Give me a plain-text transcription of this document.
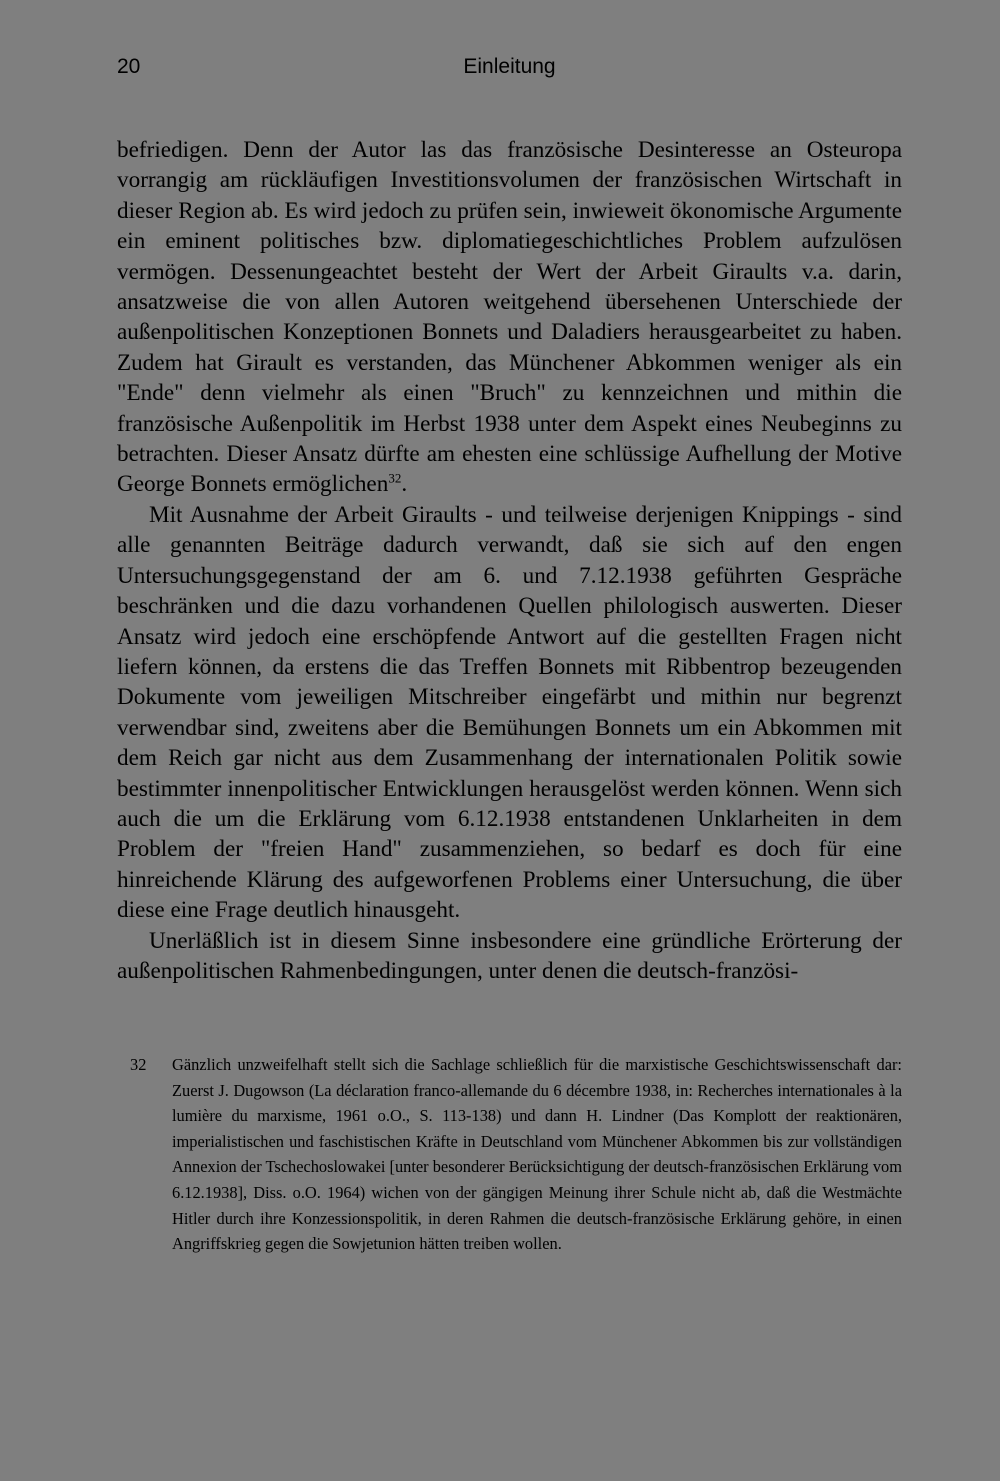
20	Einleitung

befriedigen. Denn der Autor las das französische Desinteresse an Osteuropa vorrangig am rückläufigen Investitionsvolumen der französischen Wirtschaft in dieser Region ab. Es wird jedoch zu prüfen sein, inwieweit ökonomische Argumente ein eminent politisches bzw. diplomatiegeschichtliches Problem aufzulösen vermögen. Dessenungeachtet besteht der Wert der Arbeit Giraults v.a. darin, ansatzweise die von allen Autoren weitgehend übersehenen Unterschiede der außenpolitischen Konzeptionen Bonnets und Daladiers herausgearbeitet zu haben. Zudem hat Girault es verstanden, das Münchener Abkommen weniger als ein "Ende" denn vielmehr als einen "Bruch" zu kennzeichnen und mithin die französische Außenpolitik im Herbst 1938 unter dem Aspekt eines Neubeginns zu betrachten. Dieser Ansatz dürfte am ehesten eine schlüssige Aufhellung der Motive George Bonnets ermöglichen$^{32}$.

Mit Ausnahme der Arbeit Giraults - und teilweise derjenigen Knippings - sind alle genannten Beiträge dadurch verwandt, daß sie sich auf den engen Untersuchungsgegenstand der am 6. und 7.12.1938 geführten Gespräche beschränken und die dazu vorhandenen Quellen philologisch auswerten. Dieser Ansatz wird jedoch eine erschöpfende Antwort auf die gestellten Fragen nicht liefern können, da erstens die das Treffen Bonnets mit Ribbentrop bezeugenden Dokumente vom jeweiligen Mitschreiber eingefärbt und mithin nur begrenzt verwendbar sind, zweitens aber die Bemühungen Bonnets um ein Abkommen mit dem Reich gar nicht aus dem Zusammenhang der internationalen Politik sowie bestimmter innenpolitischer Entwicklungen herausgelöst werden können. Wenn sich auch die um die Erklärung vom 6.12.1938 entstandenen Unklarheiten in dem Problem der "freien Hand" zusammenziehen, so bedarf es doch für eine hinreichende Klärung des aufgeworfenen Problems einer Untersuchung, die über diese eine Frage deutlich hinausgeht.

Unerläßlich ist in diesem Sinne insbesondere eine gründliche Erörterung der außenpolitischen Rahmenbedingungen, unter denen die deutsch-französi-

32 Gänzlich unzweifelhaft stellt sich die Sachlage schließlich für die marxistische Geschichtswissenschaft dar: Zuerst J. Dugowson (La déclaration franco-allemande du 6 décembre 1938, in: Recherches internationales à la lumière du marxisme, 1961 o.O., S. 113-138) und dann H. Lindner (Das Komplott der reaktionären, imperialistischen und faschistischen Kräfte in Deutschland vom Münchener Abkommen bis zur vollständigen Annexion der Tschechoslowakei [unter besonderer Berücksichtigung der deutsch-französischen Erklärung vom 6.12.1938], Diss. o.O. 1964) wichen von der gängigen Meinung ihrer Schule nicht ab, daß die Westmächte Hitler durch ihre Konzessionspolitik, in deren Rahmen die deutsch-französische Erklärung gehöre, in einen Angriffskrieg gegen die Sowjetunion hätten treiben wollen.
